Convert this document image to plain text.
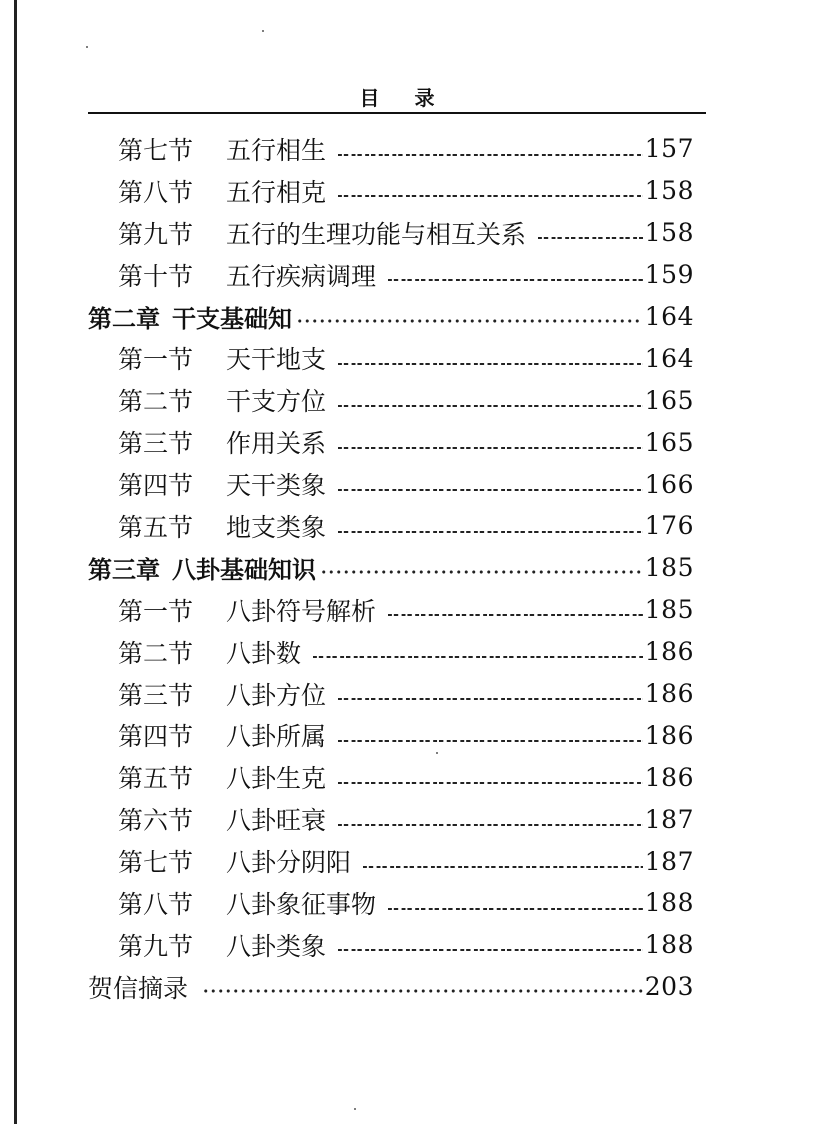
目 录
第七节	五行相生	157
第八节	五行相克	158
第九节	五行的生理功能与相互关系	158
第十节	五行疾病调理	159
第二章 干支基础知	164
第一节	天干地支	164
第二节	干支方位	165
第三节	作用关系	165
第四节	天干类象	166
第五节	地支类象	176
第三章 八卦基础知识	185
第一节	八卦符号解析	185
第二节	八卦数	186
第三节	八卦方位	186
第四节	八卦所属	186
第五节	八卦生克	186
第六节	八卦旺衰	187
第七节	八卦分阴阳	187
第八节	八卦象征事物	188
第九节	八卦类象	188
贺信摘录	203
